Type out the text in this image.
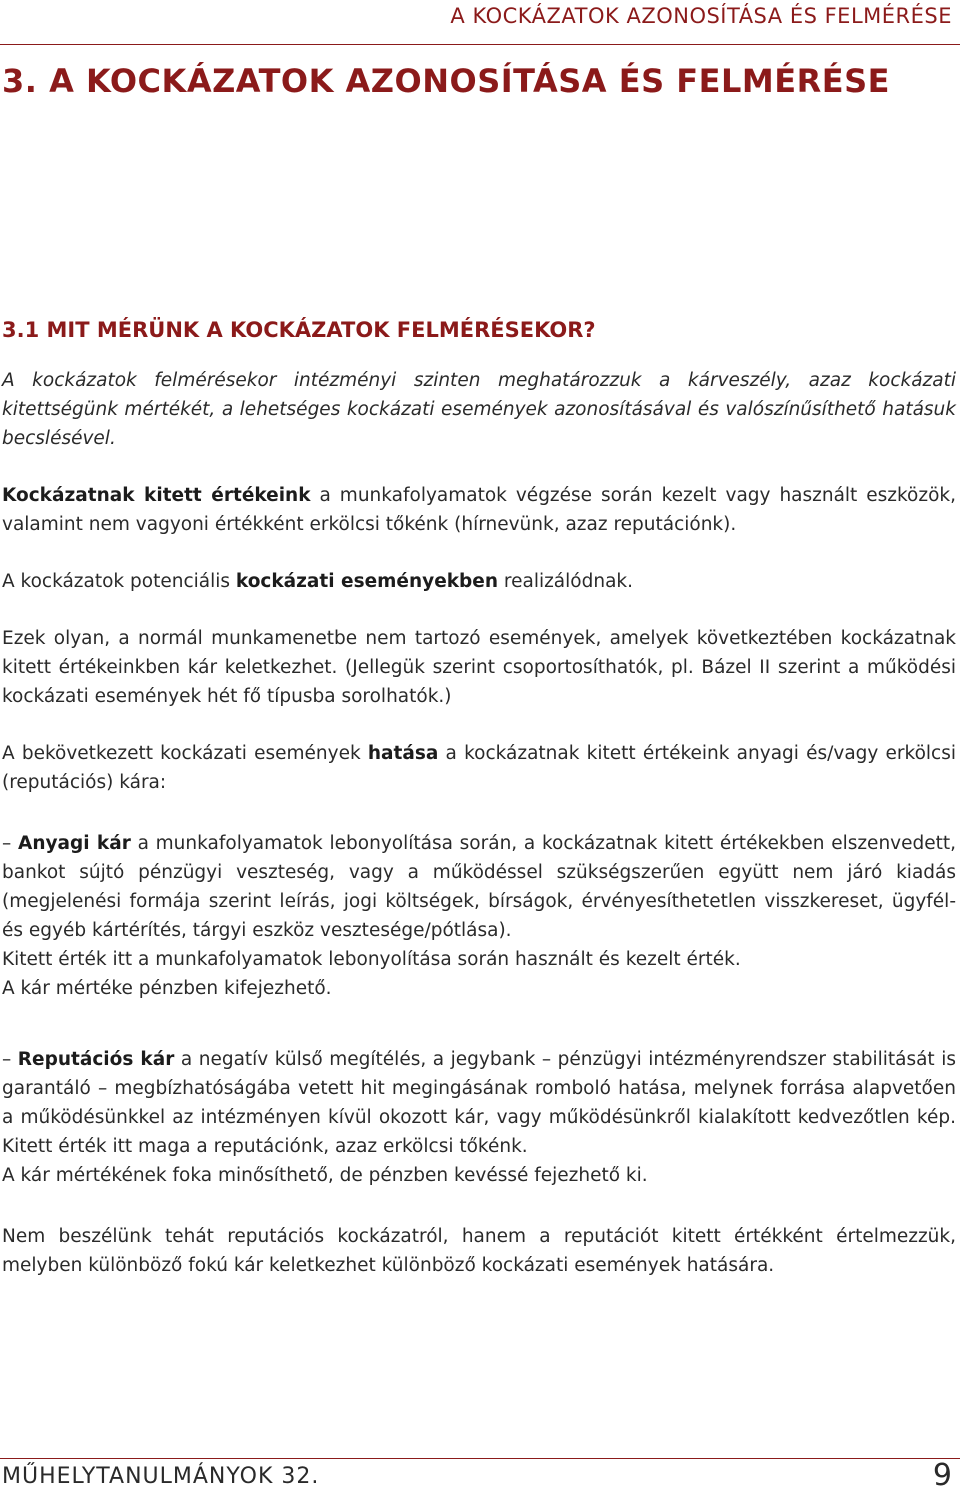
A KOCKÁZATOK AZONOSÍTÁSA ÉS FELMÉRÉSE
3. A KOCKÁZATOK AZONOSÍTÁSA ÉS FELMÉRÉSE
3.1 MIT MÉRÜNK A KOCKÁZATOK FELMÉRÉSEKOR?

A kockázatok felmérésekor intézményi szinten meghatározzuk a kárveszély, azaz kockázati kitettségünk mértékét, a lehetséges kockázati események azonosításával és valószínűsíthető hatásuk becslésével.

Kockázatnak kitett értékeink a munkafolyamatok végzése során kezelt vagy használt eszközök, valamint nem vagyoni értékként erkölcsi tőkénk (hírnevünk, azaz reputációnk).

A kockázatok potenciális kockázati eseményekben realizálódnak.

Ezek olyan, a normál munkamenetbe nem tartozó események, amelyek következtében kockázatnak kitett értékeinkben kár keletkezhet. (Jellegük szerint csoportosíthatók, pl. Bázel II szerint a működési kockázati események hét fő típusba sorolhatók.)

A bekövetkezett kockázati események hatása a kockázatnak kitett értékeink anyagi és/vagy erkölcsi (reputációs) kára:

– Anyagi kár a munkafolyamatok lebonyolítása során, a kockázatnak kitett értékekben elszenvedett, bankot sújtó pénzügyi veszteség, vagy a működéssel szükségszerűen együtt nem járó kiadás (megjelenési formája szerint leírás, jogi költségek, bírságok, érvényesíthetetlen visszkereset, ügyfél- és egyéb kártérítés, tárgyi eszköz vesztesége/pótlása).

Kitett érték itt a munkafolyamatok lebonyolítása során használt és kezelt érték.

A kár mértéke pénzben kifejezhető.

– Reputációs kár a negatív külső megítélés, a jegybank – pénzügyi intézményrendszer stabilitását is garantáló – megbízhatóságába vetett hit megingásának romboló hatása, melynek forrása alapvetően a működésünkkel az intézményen kívül okozott kár, vagy működésünkről kialakított kedvezőtlen kép. Kitett érték itt maga a reputációnk, azaz erkölcsi tőkénk.

A kár mértékének foka minősíthető, de pénzben kevéssé fejezhető ki.

Nem beszélünk tehát reputációs kockázatról, hanem a reputációt kitett értékként értelmezzük, melyben különböző fokú kár keletkezhet különböző kockázati események hatására.

MŰHELYTANULMÁNYOK 32.	9
